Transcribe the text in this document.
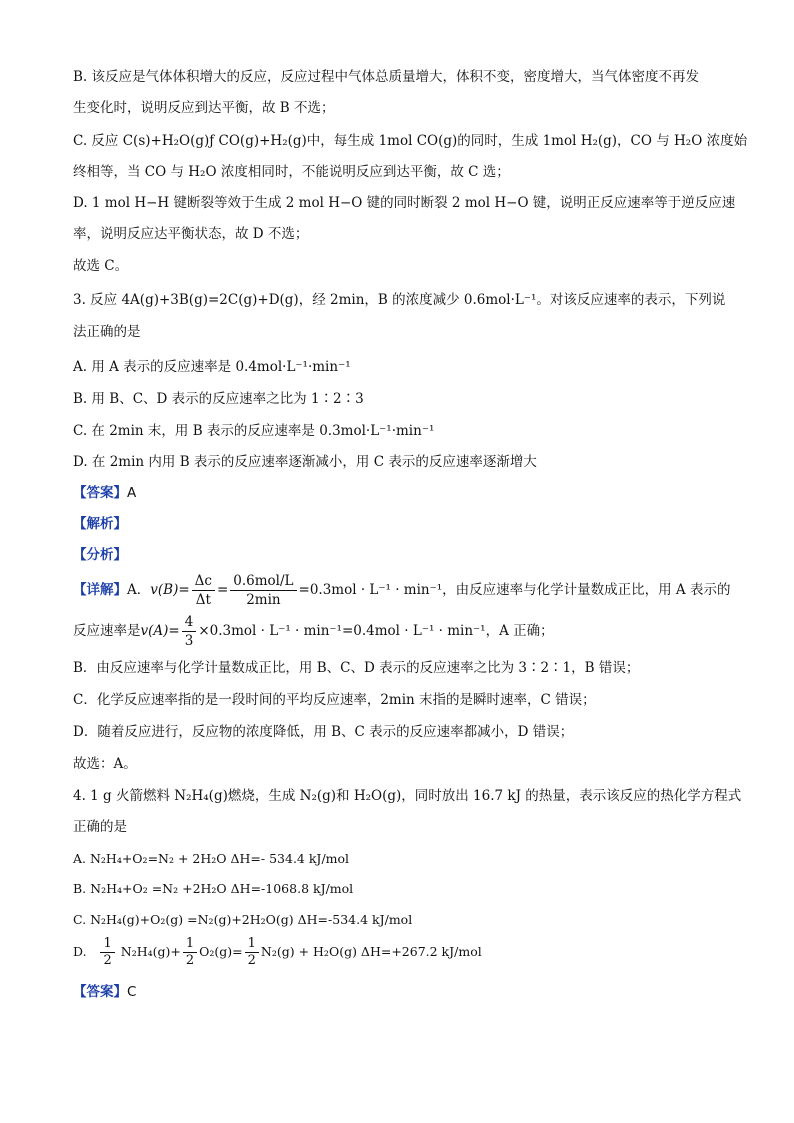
B. 该反应是气体体积增大的反应，反应过程中气体总质量增大，体积不变，密度增大，当气体密度不再发
生变化时，说明反应到达平衡，故 B 不选；
C. 反应 C(s)+H₂O(g)ƒ CO(g)+H₂(g)中，每生成 1mol CO(g)的同时，生成 1mol H₂(g)，CO 与 H₂O 浓度始
终相等，当 CO 与 H₂O 浓度相同时，不能说明反应到达平衡，故 C 选；
D. 1 mol H−H 键断裂等效于生成 2 mol H−O 键的同时断裂 2 mol H−O 键，说明正反应速率等于逆反应速
率，说明反应达平衡状态，故 D 不选；
故选 C。
3. 反应 4A(g)+3B(g)=2C(g)+D(g)，经 2min，B 的浓度减少 0.6mol·L⁻¹。对该反应速率的表示，下列说
法正确的是
A. 用 A 表示的反应速率是 0.4mol·L⁻¹·min⁻¹
B. 用 B、C、D 表示的反应速率之比为 1∶2∶3
C. 在 2min 末，用 B 表示的反应速率是 0.3mol·L⁻¹·min⁻¹
D. 在 2min 内用 B 表示的反应速率逐渐减小，用 C 表示的反应速率逐渐增大
【答案】A
【解析】
【分析】
【详解】A．$v(B)= \frac{\Delta c}{\Delta t} = \frac{\text{0.6mol/L}}{2\min} =0.3mol \cdot L^{-1} \cdot \min^{-1}$，由反应速率与化学计量数成正比，用 A 表示的
反应速率是$v(A)= \frac{4}{3} \times 0.3mol \cdot L^{-1} \cdot \min^{-1}=0.4mol \cdot L^{-1} \cdot \min^{-1}$，A 正确；
B．由反应速率与化学计量数成正比，用 B、C、D 表示的反应速率之比为 3∶2∶1，B 错误；
C．化学反应速率指的是一段时间的平均反应速率，2min 末指的是瞬时速率，C 错误；
D．随着反应进行，反应物的浓度降低，用 B、C 表示的反应速率都减小，D 错误；
故选：A。
4. 1 g 火箭燃料 N₂H₄(g)燃烧，生成 N₂(g)和 H₂O(g)，同时放出 16.7 kJ 的热量，表示该反应的热化学方程式
正确的是
A. N₂H₄+O₂=N₂ + 2H₂O ΔH=- 534.4 kJ/mol
B. N₂H₄+O₂ =N₂ +2H₂O ΔH=-1068.8 kJ/mol
C. N₂H₄(g)+O₂(g) =N₂(g)+2H₂O(g) ΔH=-534.4 kJ/mol
D. $\frac{1}{2} N_2H_4(g)+ \frac{1}{2} O_2(g)= \frac{1}{2} N_2(g) + H_2O(g)$ ΔH=+267.2 kJ/mol
【答案】C
